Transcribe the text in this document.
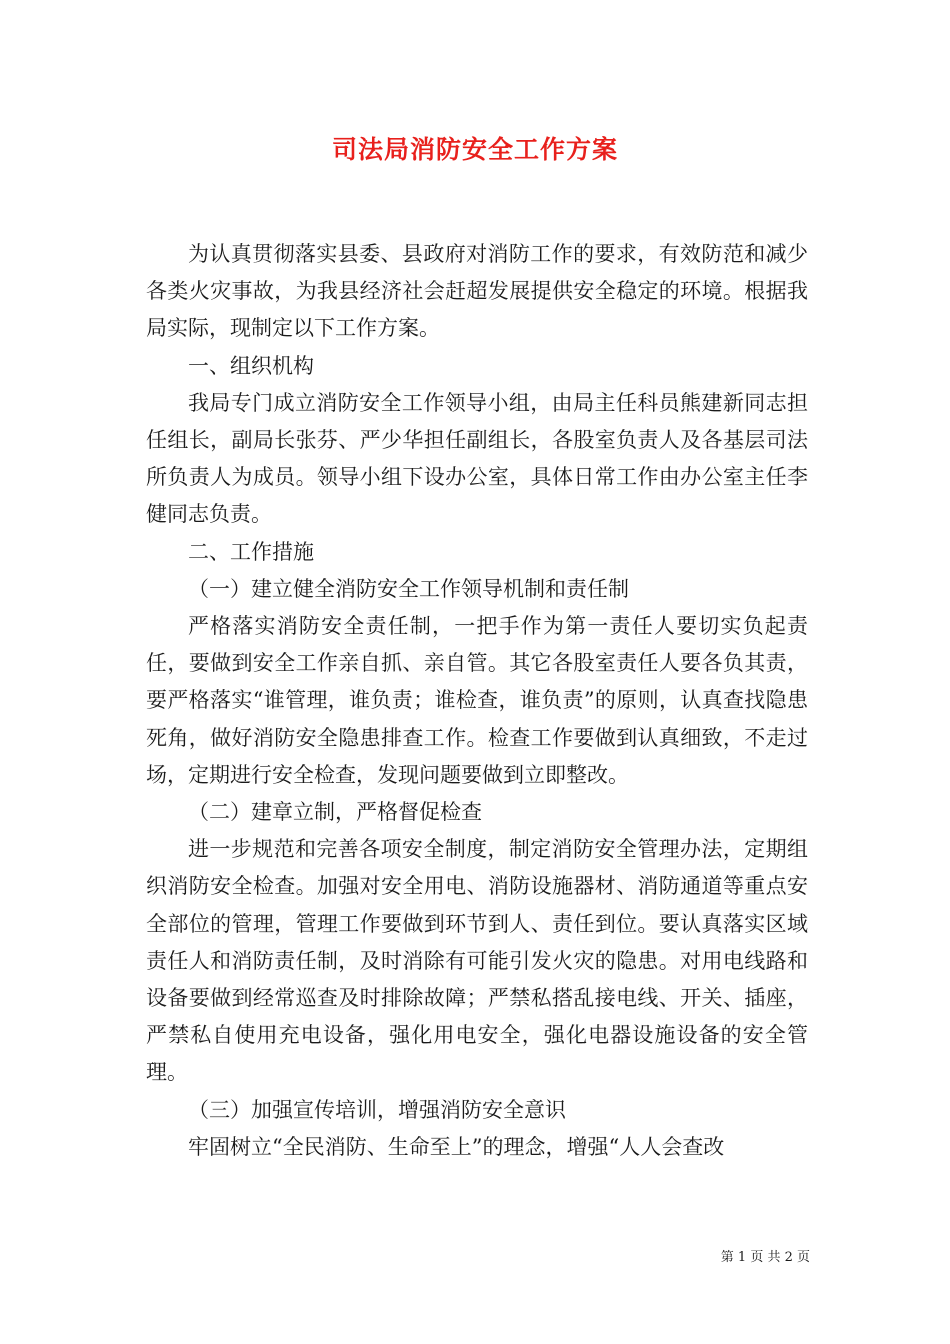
司法局消防安全工作方案

为认真贯彻落实县委、县政府对消防工作的要求，有效防范和减少各类火灾事故，为我县经济社会赶超发展提供安全稳定的环境。根据我局实际，现制定以下工作方案。

一、组织机构

我局专门成立消防安全工作领导小组，由局主任科员熊建新同志担任组长，副局长张芬、严少华担任副组长，各股室负责人及各基层司法所负责人为成员。领导小组下设办公室，具体日常工作由办公室主任李健同志负责。

二、工作措施

（一）建立健全消防安全工作领导机制和责任制

严格落实消防安全责任制，一把手作为第一责任人要切实负起责任，要做到安全工作亲自抓、亲自管。其它各股室责任人要各负其责，要严格落实“谁管理，谁负责；谁检查，谁负责”的原则，认真查找隐患死角，做好消防安全隐患排查工作。检查工作要做到认真细致，不走过场，定期进行安全检查，发现问题要做到立即整改。

（二）建章立制，严格督促检查

进一步规范和完善各项安全制度，制定消防安全管理办法，定期组织消防安全检查。加强对安全用电、消防设施器材、消防通道等重点安全部位的管理，管理工作要做到环节到人、责任到位。要认真落实区域责任人和消防责任制，及时消除有可能引发火灾的隐患。对用电线路和设备要做到经常巡查及时排除故障；严禁私搭乱接电线、开关、插座，严禁私自使用充电设备，强化用电安全，强化电器设施设备的安全管理。

（三）加强宣传培训，增强消防安全意识

牢固树立“全民消防、生命至上”的理念，增强“人人会查改

第 1 页 共 2 页
